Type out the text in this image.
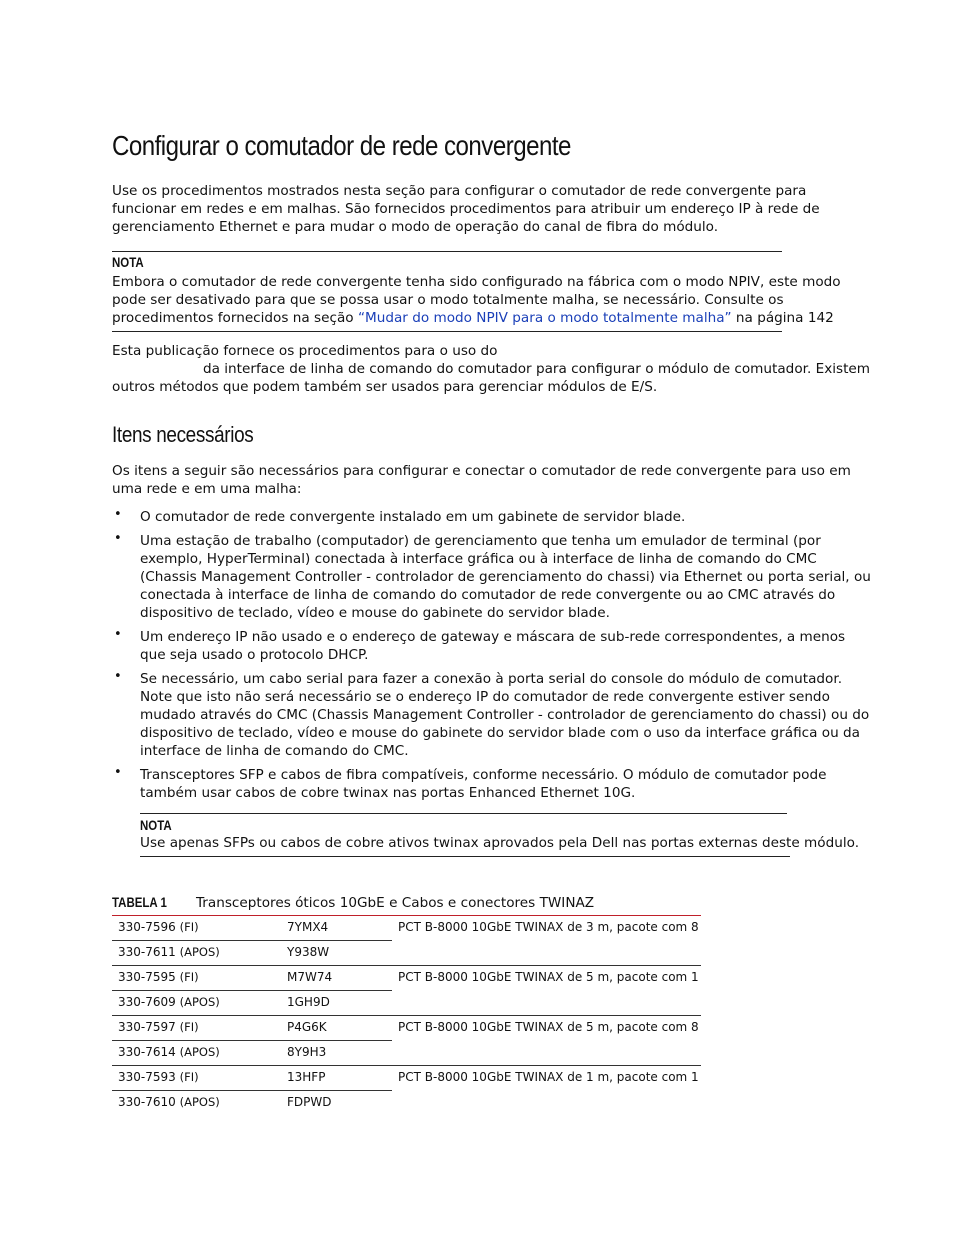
Configurar o comutador de rede convergente

Use os procedimentos mostrados nesta seção para configurar o comutador de rede convergente para funcionar em redes e em malhas. São fornecidos procedimentos para atribuir um endereço IP à rede de gerenciamento Ethernet e para mudar o modo de operação do canal de fibra do módulo.

NOTA

Embora o comutador de rede convergente tenha sido configurado na fábrica com o modo NPIV, este modo pode ser desativado para que se possa usar o modo totalmente malha, se necessário. Consulte os procedimentos fornecidos na seção “Mudar do modo NPIV para o modo totalmente malha” na página 142

Esta publicação fornece os procedimentos para o uso do
da interface de linha de comando do comutador para configurar o módulo de comutador. Existem
outros métodos que podem também ser usados para gerenciar módulos de E/S.

Itens necessários

Os itens a seguir são necessários para configurar e conectar o comutador de rede convergente para uso em uma rede e em uma malha:

• O comutador de rede convergente instalado em um gabinete de servidor blade.

• Uma estação de trabalho (computador) de gerenciamento que tenha um emulador de terminal (por exemplo, HyperTerminal) conectada à interface gráfica ou à interface de linha de comando do CMC (Chassis Management Controller - controlador de gerenciamento do chassi) via Ethernet ou porta serial, ou conectada à interface de linha de comando do comutador de rede convergente ou ao CMC através do dispositivo de teclado, vídeo e mouse do gabinete do servidor blade.

• Um endereço IP não usado e o endereço de gateway e máscara de sub-rede correspondentes, a menos que seja usado o protocolo DHCP.

• Se necessário, um cabo serial para fazer a conexão à porta serial do console do módulo de comutador. Note que isto não será necessário se o endereço IP do comutador de rede convergente estiver sendo mudado através do CMC (Chassis Management Controller - controlador de gerenciamento do chassi) ou do dispositivo de teclado, vídeo e mouse do gabinete do servidor blade com o uso da interface gráfica ou da interface de linha de comando do CMC.

• Transceptores SFP e cabos de fibra compatíveis, conforme necessário. O módulo de comutador pode também usar cabos de cobre twinax nas portas Enhanced Ethernet 10G.

NOTA

Use apenas SFPs ou cabos de cobre ativos twinax aprovados pela Dell nas portas externas deste módulo.

TABELA 1 Transceptores óticos 10GbE e Cabos e conectores TWINAZ
330-7596 (FI)	7YMX4	PCT B-8000 10GbE TWINAX de 3 m, pacote com 8
330-7611 (APOS)	Y938W	
330-7595 (FI)	M7W74	PCT B-8000 10GbE TWINAX de 5 m, pacote com 1
330-7609 (APOS)	1GH9D	
330-7597 (FI)	P4G6K	PCT B-8000 10GbE TWINAX de 5 m, pacote com 8
330-7614 (APOS)	8Y9H3	
330-7593 (FI)	13HFP	PCT B-8000 10GbE TWINAX de 1 m, pacote com 1
330-7610 (APOS)	FDPWD	
